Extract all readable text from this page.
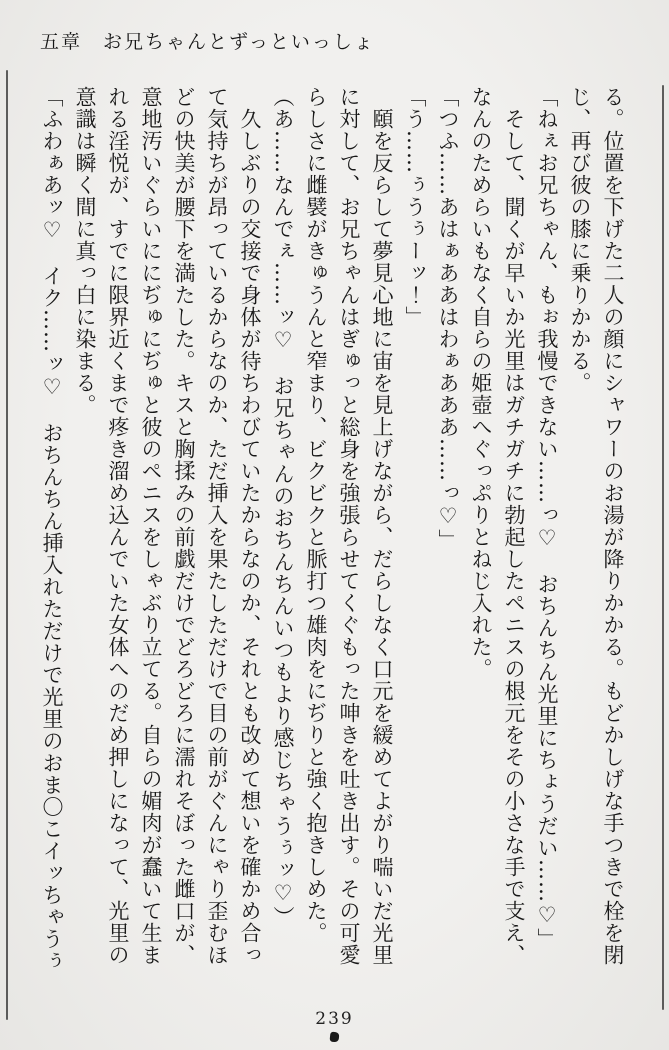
五章　お兄ちゃんとずっといっしょ

る。位置を下げた二人の顔にシャワーのお湯が降りかかる。もどかしげな手つきで栓を閉

じ、再び彼の膝に乗りかかる。

「ねぇお兄ちゃん、もぉ我慢できない……っ♡　おちんちん光里にちょうだい……♡」

　そして、聞くが早いか光里はガチガチに勃起したペニスの根元をその小さな手で支え、

なんのためらいもなく自らの姫壺へぐっぷりとねじ入れた。

「つふ……あはぁああはわぁあああ……っ♡」

「う……ぅうぅーッ！」

　頤を反らして夢見心地に宙を見上げながら、だらしなく口元を緩めてよがり喘いだ光里

に対して、お兄ちゃんはぎゅっと総身を強張らせてくぐもった呻きを吐き出す。その可愛

らしさに雌襞がきゅうんと窄まり、ビクビクと脈打つ雄肉をにぢりと強く抱きしめた。

（あ……なんでぇ……ッ♡　お兄ちゃんのおちんちんいつもより感じちゃうぅッ♡）

　久しぶりの交接で身体が待ちわびていたからなのか、それとも改めて想いを確かめ合っ

て気持ちが昂っているからなのか、ただ挿入を果たしただけで目の前がぐんにゃり歪むほ

どの快美が腰下を満たした。キスと胸揉みの前戯だけでどろどろに濡れそぼった雌口が、

意地汚いぐらいににぢゅにぢゅと彼のペニスをしゃぶり立てる。自らの媚肉が蠢いて生ま

れる淫悦が、すでに限界近くまで疼き溜め込んでいた女体へのだめ押しになって、光里の

意識は瞬く間に真っ白に染まる。

「ふわぁあッ♡　イク……ッ♡　おちんちん挿入れただけで光里のおま〇こイッちゃうぅ

239
